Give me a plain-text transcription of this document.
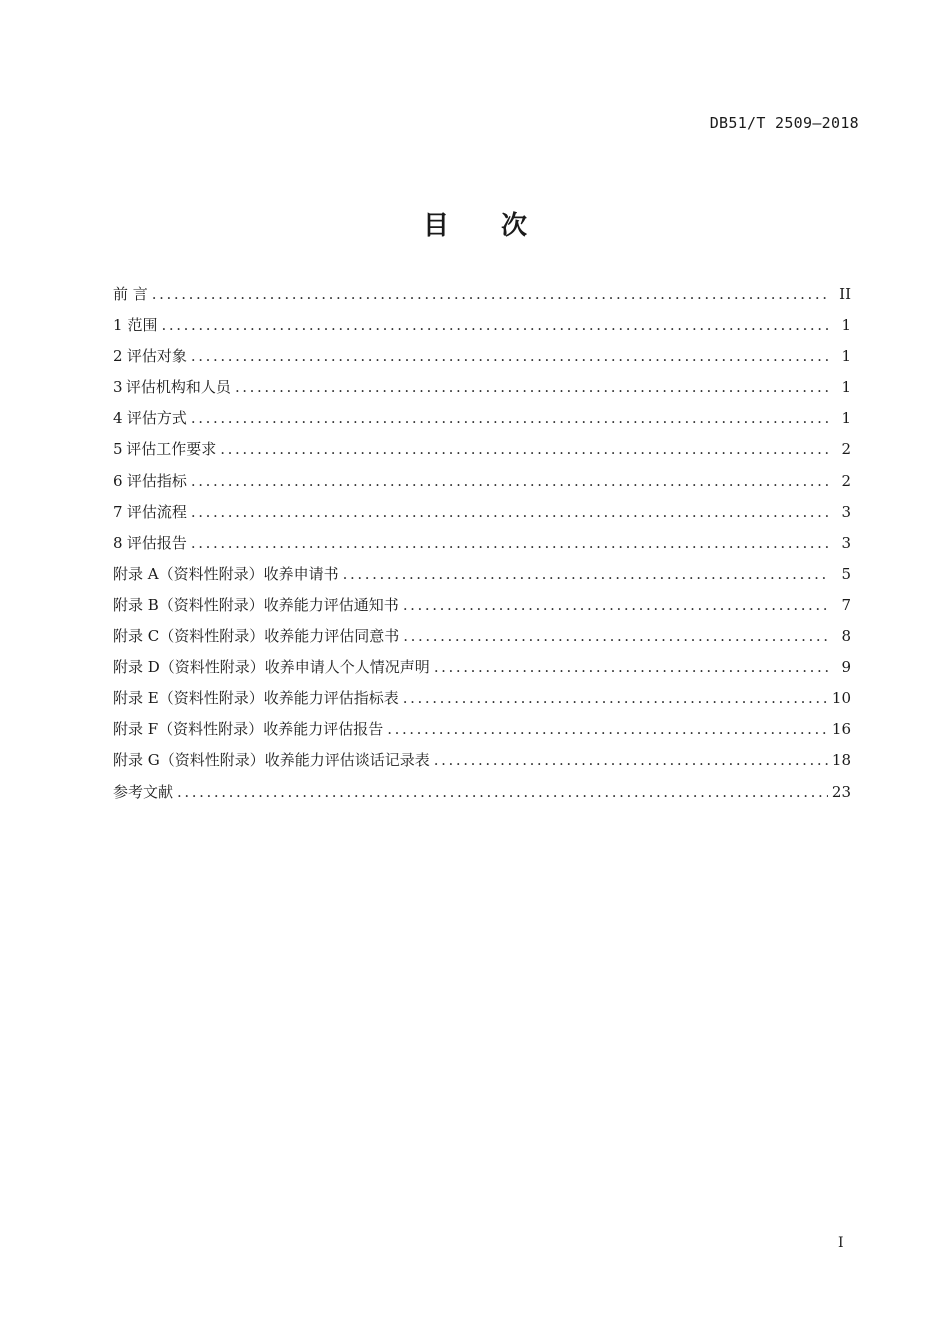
DB51/T 2509—2018
目 次
前 言 .....	II
1 范围 .....	1
2 评估对象 .....	1
3 评估机构和人员 .....	1
4 评估方式 .....	1
5 评估工作要求 .....	2
6 评估指标 .....	2
7 评估流程 .....	3
8 评估报告 .....	3
附录 A（资料性附录） 收养申请书 .....	5
附录 B（资料性附录） 收养能力评估通知书 .....	7
附录 C（资料性附录） 收养能力评估同意书 .....	8
附录 D（资料性附录） 收养申请人个人情况声明 .....	9
附录 E（资料性附录） 收养能力评估指标表 .....	10
附录 F（资料性附录） 收养能力评估报告 .....	16
附录 G（资料性附录） 收养能力评估谈话记录表 .....	18
参考文献 .....	23
I
